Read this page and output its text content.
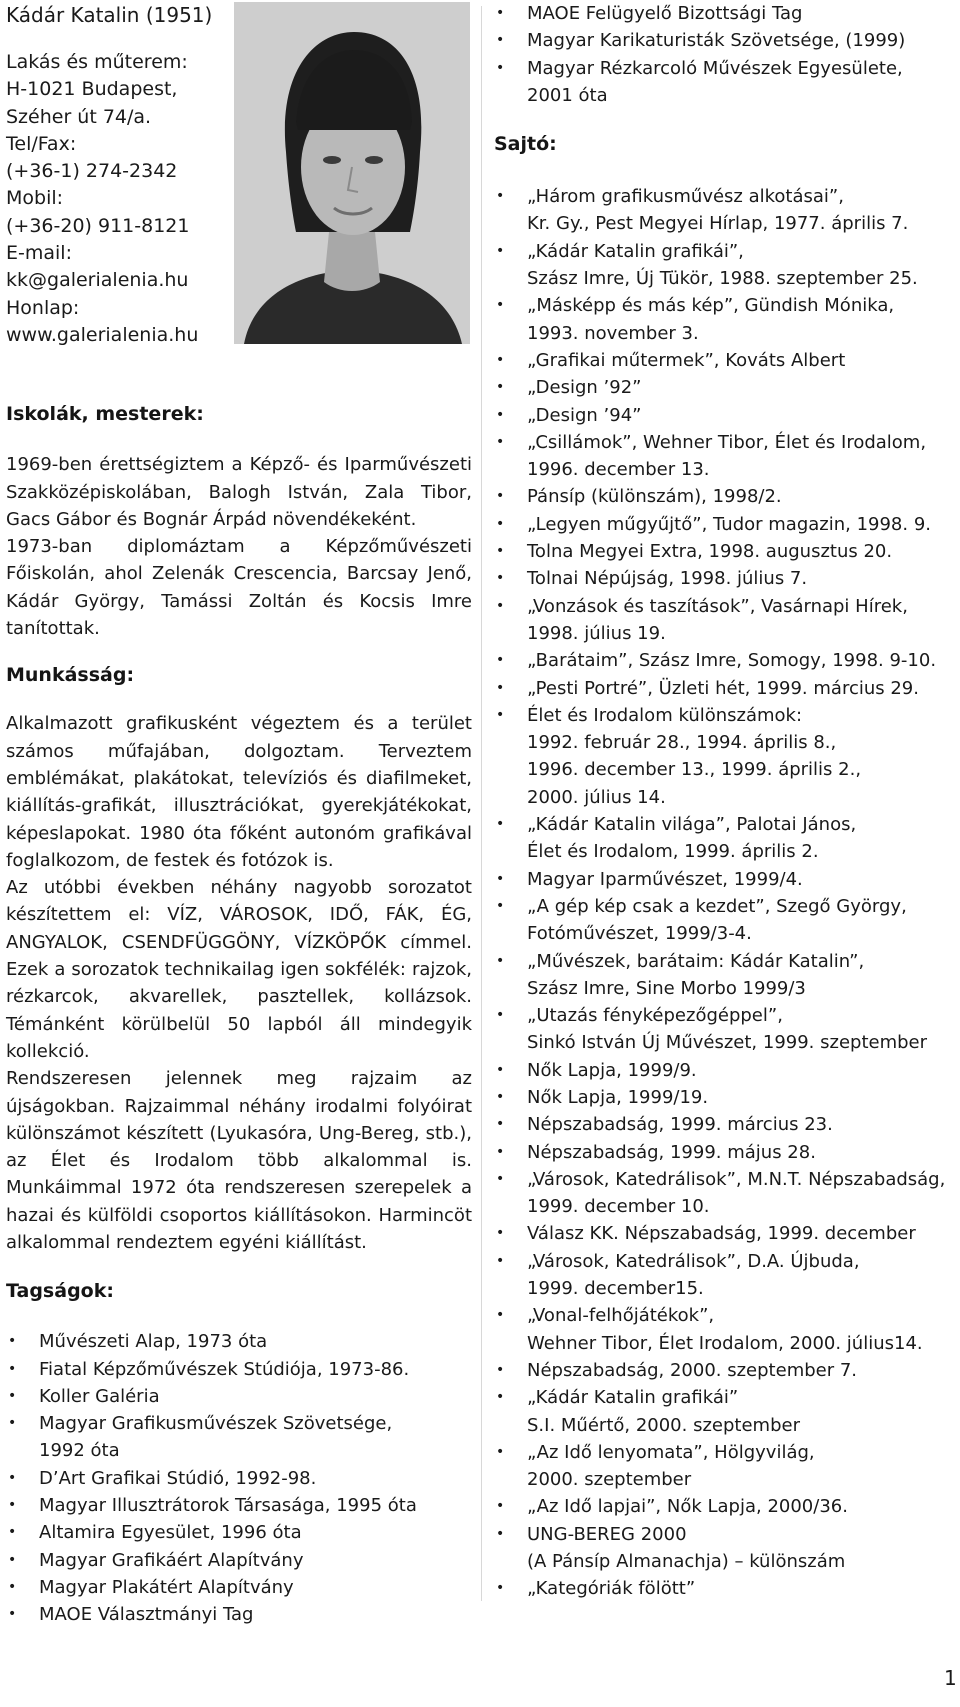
Kádár Katalin (1951)

Lakás és műterem:
H-1021 Budapest,
Széher út 74/a.
Tel/Fax:
(+36-1) 274-2342
Mobil:
(+36-20) 911-8121
E-mail:
kk@galerialenia.hu
Honlap:
www.galerialenia.hu
Iskolák, mesterek:

1969-ben érettségiztem a Képző- és Iparművészeti Szakközépiskolában, Balogh István, Zala Tibor, Gacs Gábor és Bognár Árpád növendékeként.

1973-ban diplomáztam a Képzőművészeti Főiskolán, ahol Zelenák Crescencia, Barcsay Jenő, Kádár György, Tamássi Zoltán és Kocsis Imre tanítottak.

Munkásság:

Alkalmazott grafikusként végeztem és a terület számos műfajában, dolgoztam. Terveztem emblémákat, plakátokat, televíziós és diafilmeket, kiállítás-grafikát, illusztrációkat, gyerekjátékokat, képeslapokat. 1980 óta főként autonóm grafikával foglalkozom, de festek és fotózok is.

Az utóbbi években néhány nagyobb sorozatot készítettem el: VÍZ, VÁROSOK, IDŐ, FÁK, ÉG, ANGYALOK, CSENDFÜGGÖNY, VÍZKÖPŐK címmel. Ezek a sorozatok technikailag igen sokfélék: rajzok, rézkarcok, akvarellek, pasztellek, kollázsok. Témánként körülbelül 50 lapból áll mindegyik kollekció.

Rendszeresen jelennek meg rajzaim az újságokban. Rajzaimmal néhány irodalmi folyóirat különszámot készített (Lyukasóra, Ung-Bereg, stb.), az Élet és Irodalom több alkalommal is. Munkáimmal 1972 óta rendszeresen szerepelek a hazai és külföldi csoportos kiállításokon. Harmincöt alkalommal rendeztem egyéni kiállítást.

Tagságok:
• Művészeti Alap, 1973 óta
• Fiatal Képzőművészek Stúdiója, 1973-86.
• Koller Galéria
• Magyar Grafikusművészek Szövetsége,
1992 óta
• D’Art Grafikai Stúdió, 1992-98.
• Magyar Illusztrátorok Társasága, 1995 óta
• Altamira Egyesület, 1996 óta
• Magyar Grafikáért Alapítvány
• Magyar Plakátért Alapítvány
• MAOE Választmányi Tag
• MAOE Felügyelő Bizottsági Tag
• Magyar Karikaturisták Szövetsége, (1999)
• Magyar Rézkarcoló Művészek Egyesülete,
2001 óta
Sajtó:
• „Három grafikusművész alkotásai”,
Kr. Gy., Pest Megyei Hírlap, 1977. április 7.
• „Kádár Katalin grafikái”,
Szász Imre, Új Tükör, 1988. szeptember 25.
• „Másképp és más kép”, Gündish Mónika,
1993. november 3.
• „Grafikai műtermek”, Kováts Albert
• „Design ’92”
• „Design ’94”
• „Csillámok”, Wehner Tibor, Élet és Irodalom,
1996. december 13.
• Pánsíp (különszám), 1998/2.
• „Legyen műgyűjtő”, Tudor magazin, 1998. 9.
• Tolna Megyei Extra, 1998. augusztus 20.
• Tolnai Népújság, 1998. július 7.
• „Vonzások és taszítások”, Vasárnapi Hírek,
1998. július 19.
• „Barátaim”, Szász Imre, Somogy, 1998. 9-10.
• „Pesti Portré”, Üzleti hét, 1999. március 29.
• Élet és Irodalom különszámok:
1992. február 28., 1994. április 8.,
1996. december 13., 1999. április 2.,
2000. július 14.
• „Kádár Katalin világa”, Palotai János,
Élet és Irodalom, 1999. április 2.
• Magyar Iparművészet, 1999/4.
• „A gép kép csak a kezdet”, Szegő György,
Fotóművészet, 1999/3-4.
• „Művészek, barátaim: Kádár Katalin”,
Szász Imre, Sine Morbo 1999/3
• „Utazás fényképezőgéppel”,
Sinkó István Új Művészet, 1999. szeptember
• Nők Lapja, 1999/9.
• Nők Lapja, 1999/19.
• Népszabadság, 1999. március 23.
• Népszabadság, 1999. május 28.
• „Városok, Katedrálisok”, M.N.T. Népszabadság,
1999. december 10.
• Válasz KK. Népszabadság, 1999. december
• „Városok, Katedrálisok”, D.A. Újbuda,
1999. december15.
• „Vonal-felhőjátékok”,
Wehner Tibor, Élet Irodalom, 2000. július14.
• Népszabadság, 2000. szeptember 7.
• „Kádár Katalin grafikái”
S.I. Műértő, 2000. szeptember
• „Az Idő lenyomata”, Hölgyvilág,
2000. szeptember
• „Az Idő lapjai”, Nők Lapja, 2000/36.
• UNG-BEREG 2000
(A Pánsíp Almanachja) – különszám
• „Kategóriák fölött”
1
